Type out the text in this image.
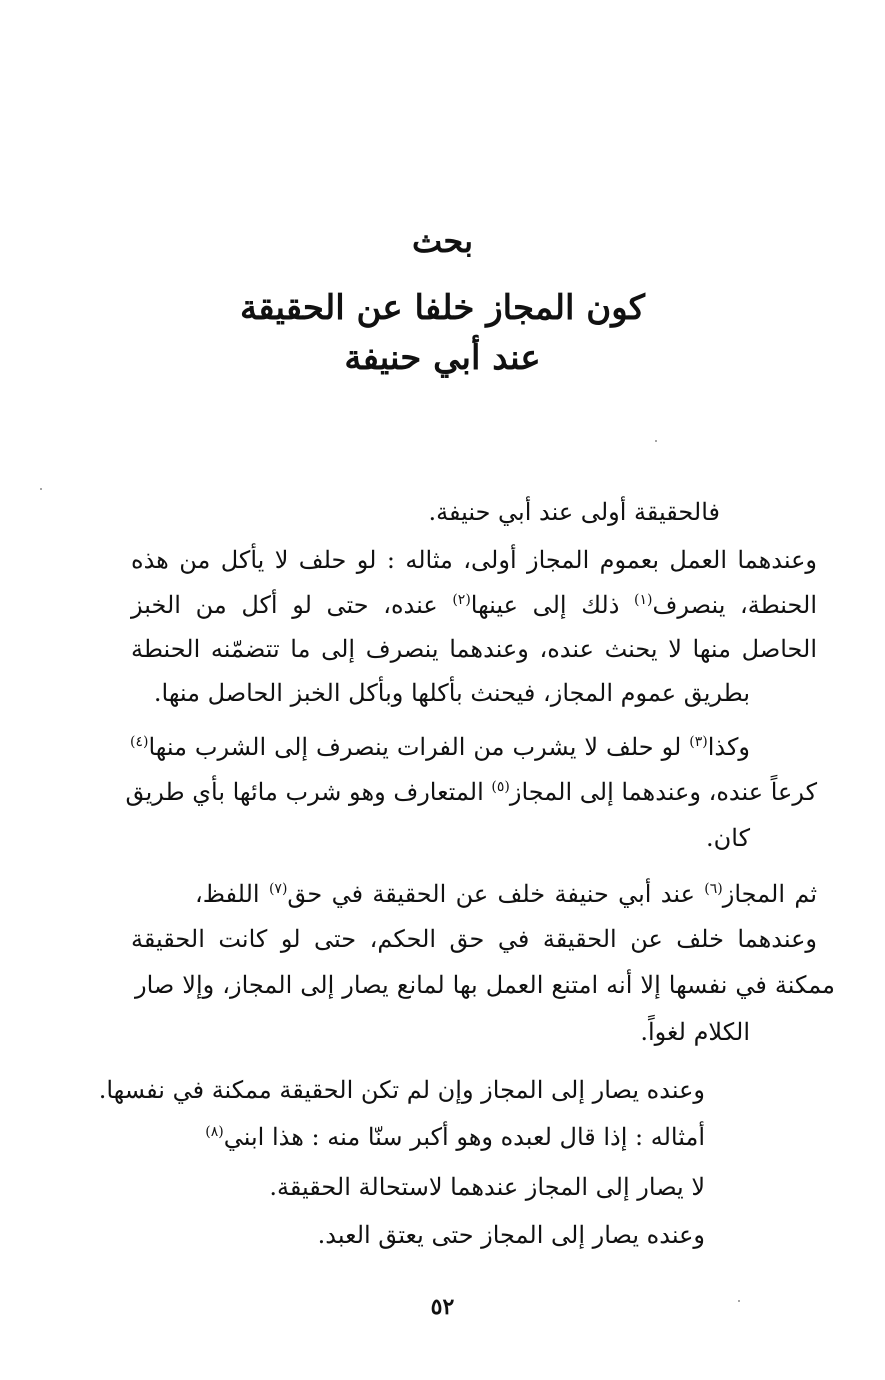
بحث
كون المجاز خلفا عن الحقيقة
عند أبي حنيفة

فالحقيقة أولى عند أبي حنيفة.

وعندهما العمل بعموم المجاز أولى، مثاله : لو حلف لا يأكل من هذه

الحنطة، ينصرف$^{(١)}$ ذلك إلى عينها$^{(٢)}$ عنده، حتى لو أكل من الخبز

الحاصل منها لا يحنث عنده، وعندهما ينصرف إلى ما تتضمّنه الحنطة

بطريق عموم المجاز، فيحنث بأكلها وبأكل الخبز الحاصل منها.

وكذا$^{(٣)}$ لو حلف لا يشرب من الفرات ينصرف إلى الشرب منها$^{(٤)}$

كرعاً عنده، وعندهما إلى المجاز$^{(٥)}$ المتعارف وهو شرب مائها بأي طريق

كان.

ثم المجاز$^{(٦)}$ عند أبي حنيفة خلف عن الحقيقة في حق$^{(٧)}$ اللفظ،

وعندهما خلف عن الحقيقة في حق الحكم، حتى لو كانت الحقيقة

ممكنة في نفسها إلا أنه امتنع العمل بها لمانع يصار إلى المجاز، وإلا صار

الكلام لغواً.

وعنده يصار إلى المجاز وإن لم تكن الحقيقة ممكنة في نفسها.

أمثاله : إذا قال لعبده وهو أكبر سنّا منه : هذا ابني$^{(٨)}$

لا يصار إلى المجاز عندهما لاستحالة الحقيقة.

وعنده يصار إلى المجاز حتى يعتق العبد.

٥٢
